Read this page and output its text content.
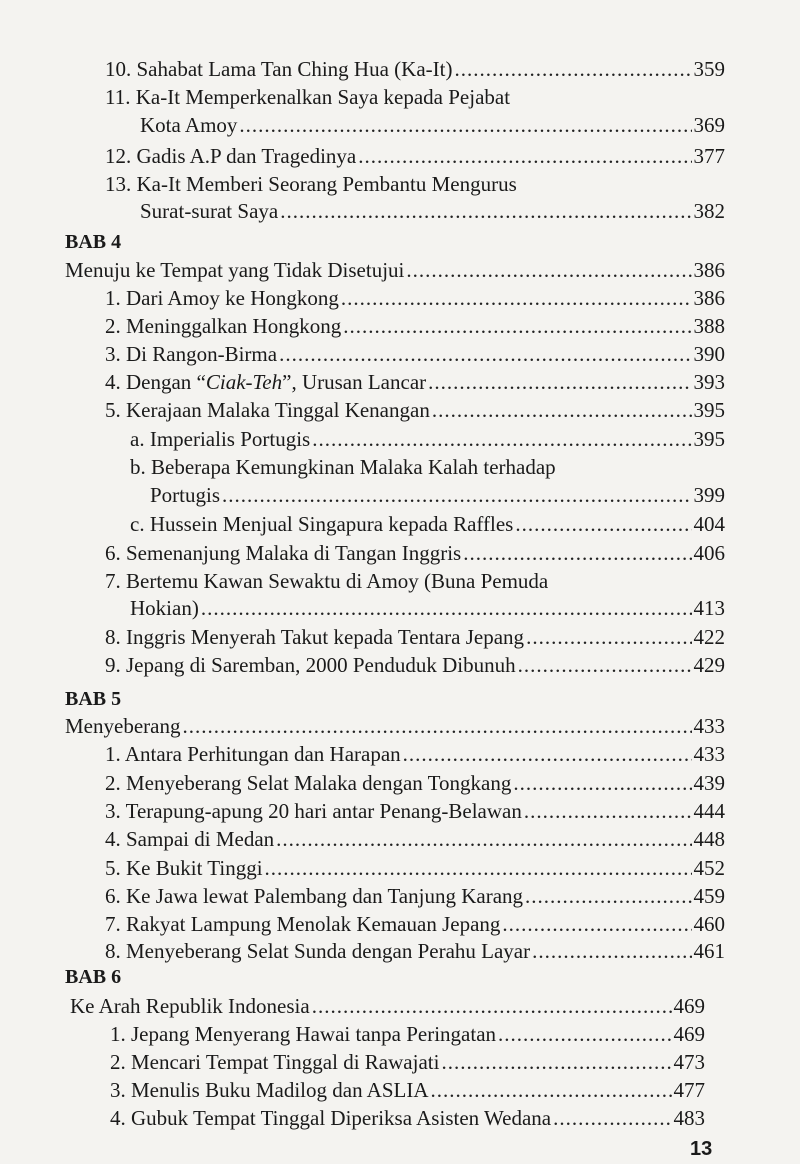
10. Sahabat Lama Tan Ching Hua (Ka-It) .....	359
11. Ka-It Memperkenalkan Saya kepada Pejabat
Kota Amoy .....	369
12. Gadis A.P dan Tragedinya .....	377
13. Ka-It Memberi Seorang Pembantu Mengurus
Surat-surat Saya .....	382
BAB 4
Menuju ke Tempat yang Tidak Disetujui .....	386
1. Dari Amoy ke Hongkong .....	386
2. Meninggalkan Hongkong .....	388
3. Di Rangon-Birma .....	390
4. Dengan “Ciak-Teh”, Urusan Lancar .....	393
5. Kerajaan Malaka Tinggal Kenangan .....	395
a. Imperialis Portugis .....	395
b. Beberapa Kemungkinan Malaka Kalah terhadap
Portugis .....	399
c. Hussein Menjual Singapura kepada Raffles .....	404
6. Semenanjung Malaka di Tangan Inggris .....	406
7. Bertemu Kawan Sewaktu di Amoy (Buna Pemuda
Hokian) .....	413
8. Inggris Menyerah Takut kepada Tentara Jepang .....	422
9. Jepang di Saremban, 2000 Penduduk Dibunuh .....	429
BAB 5
Menyeberang .....	433
1. Antara Perhitungan dan Harapan .....	433
2. Menyeberang Selat Malaka dengan Tongkang .....	439
3. Terapung-apung 20 hari antar Penang-Belawan .....	444
4. Sampai di Medan .....	448
5. Ke Bukit Tinggi .....	452
6. Ke Jawa lewat Palembang dan Tanjung Karang .....	459
7. Rakyat Lampung Menolak Kemauan Jepang .....	460
8. Menyeberang Selat Sunda dengan Perahu Layar .....	461
BAB 6
Ke Arah Republik Indonesia .....	469
1. Jepang Menyerang Hawai tanpa Peringatan .....	469
2. Mencari Tempat Tinggal di Rawajati .....	473
3. Menulis Buku Madilog dan ASLIA .....	477
4. Gubuk Tempat Tinggal Diperiksa Asisten Wedana .....	483
13
